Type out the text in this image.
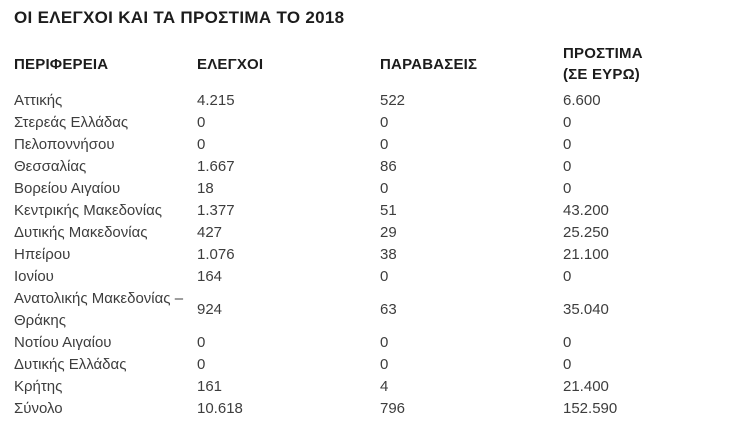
ΟΙ ΕΛΕΓΧΟΙ ΚΑΙ ΤΑ ΠΡΟΣΤΙΜΑ ΤΟ 2018
ΠΕΡΙΦΕΡΕΙΑ	ΕΛΕΓΧΟΙ	ΠΑΡΑΒΑΣΕΙΣ	ΠΡΟΣΤΙΜΑ
(ΣΕ ΕΥΡΩ)

Αττικής	4.215	522	6.600
Στερεάς Ελλάδας	0	0	0
Πελοποννήσου	0	0	0
Θεσσαλίας	1.667	86	0
Βορείου Αιγαίου	18	0	0
Κεντρικής Μακεδονίας	1.377	51	43.200
Δυτικής Μακεδονίας	427	29	25.250
Ηπείρου	1.076	38	21.100
Ιονίου	164	0	0
Ανατολικής Μακεδονίας – Θράκης	924	63	35.040
Νοτίου Αιγαίου	0	0	0
Δυτικής Ελλάδας	0	0	0
Κρήτης	161	4	21.400
Σύνολο	10.618	796	152.590
